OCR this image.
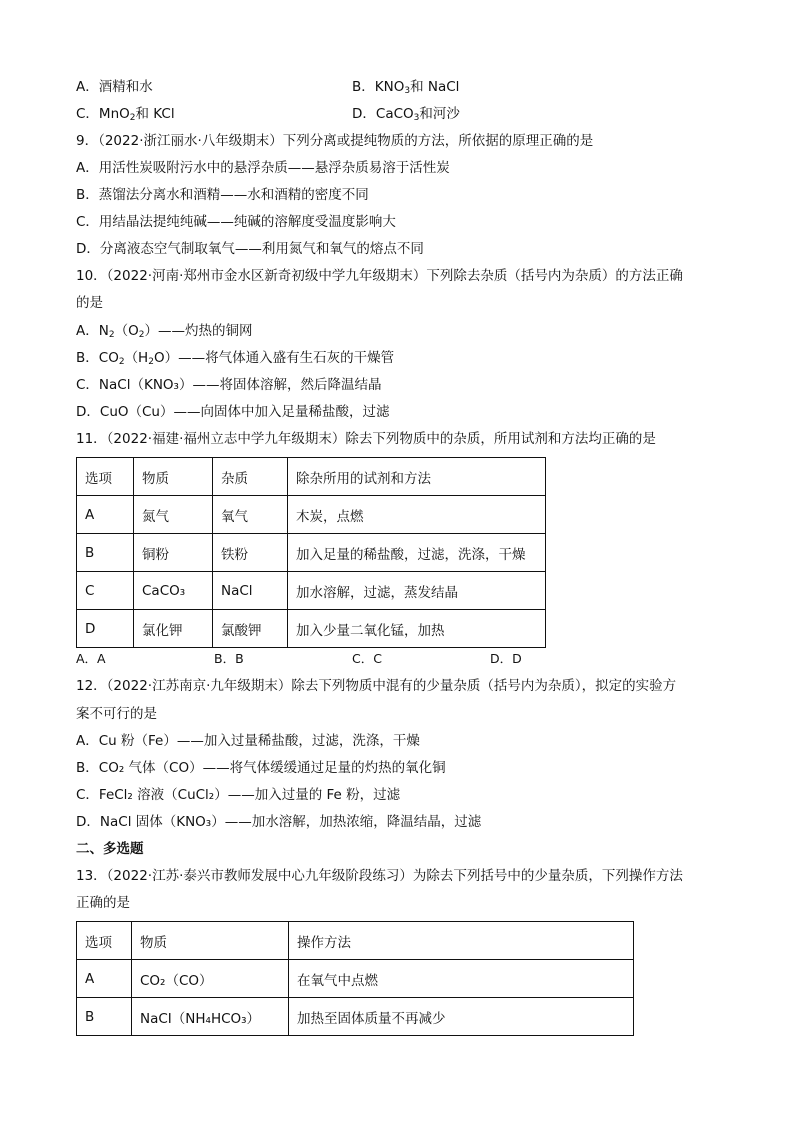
A．酒精和水	B．$KNO_3$和 NaCl
C．MnO$_2$和 KCl	D．CaCO$_3$和河沙
9．（2022·浙江丽水·八年级期末）下列分离或提纯物质的方法，所依据的原理正确的是
A．用活性炭吸附污水中的悬浮杂质——悬浮杂质易溶于活性炭
B．蒸馏法分离水和酒精——水和酒精的密度不同
C．用结晶法提纯纯碱——纯碱的溶解度受温度影响大
D．分离液态空气制取氧气——利用氮气和氧气的熔点不同
10．（2022·河南·郑州市金水区新奇初级中学九年级期末）下列除去杂质（括号内为杂质）的方法正确
的是
A．$N_2(O_2)——$灼热的铜网
B．$CO_2(H_2O)——$将气体通入盛有生石灰的干燥管
C．NaCl（KNO₃）——将固体溶解，然后降温结晶
D．CuO（Cu）——向固体中加入足量稀盐酸，过滤
11．（2022·福建·福州立志中学九年级期末）除去下列物质中的杂质，所用试剂和方法均正确的是
选项	物质	杂质	除杂所用的试剂和方法
A	氮气	氧气	木炭，点燃
B	铜粉	铁粉	加入足量的稀盐酸，过滤，洗涤，干燥
C	CaCO₃	NaCl	加水溶解，过滤，蒸发结晶
D	氯化钾	氯酸钾	加入少量二氧化锰，加热
A．A	B．B	C．C	D．D
12．（2022·江苏南京·九年级期末）除去下列物质中混有的少量杂质（括号内为杂质），拟定的实验方
案不可行的是
A．Cu 粉（Fe）——加入过量稀盐酸，过滤，洗涤，干燥
B．CO₂ 气体（CO）——将气体缓缓通过足量的灼热的氧化铜
C．FeCl₂ 溶液（CuCl₂）——加入过量的 Fe 粉，过滤
D．NaCl 固体（KNO₃）——加水溶解，加热浓缩，降温结晶，过滤
二、多选题
13．（2022·江苏·泰兴市教师发展中心九年级阶段练习）为除去下列括号中的少量杂质，下列操作方法
正确的是
选项	物质	操作方法
A	CO₂（CO）	在氧气中点燃
B	NaCI（NH₄HCO₃）	加热至固体质量不再减少
